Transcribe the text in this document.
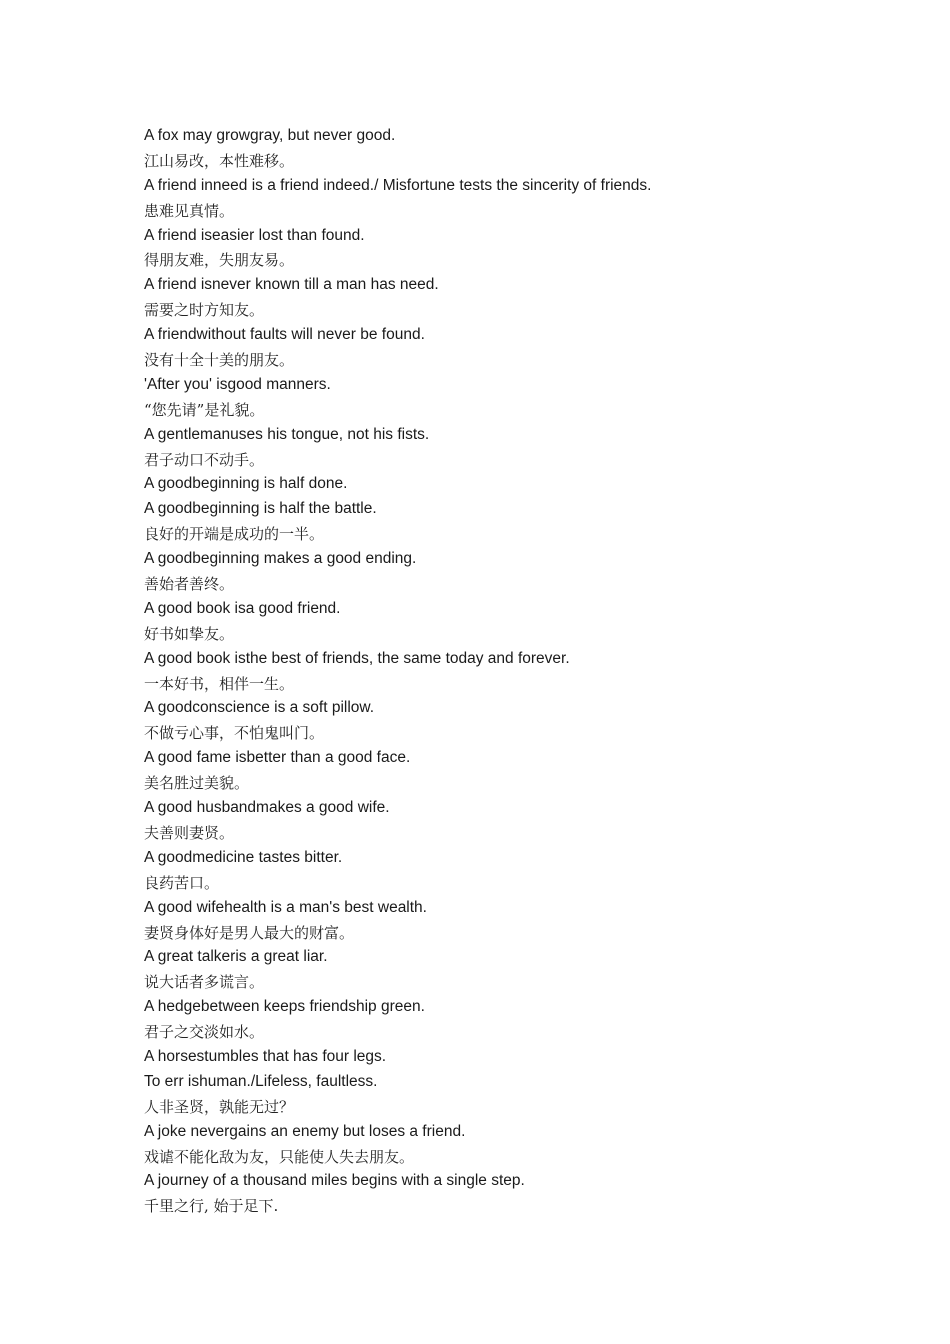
A fox may growgray, but never good.
江山易改，本性难移。
A friend inneed is a friend indeed./ Misfortune tests the sincerity of friends.
患难见真情。
A friend iseasier lost than found.
得朋友难，失朋友易。
A friend isnever known till a man has need.
需要之时方知友。
A friendwithout faults will never be found.
没有十全十美的朋友。
'After you' isgood manners.
“您先请”是礼貌。
A gentlemanuses his tongue, not his fists.
君子动口不动手。
A goodbeginning is half done.
A goodbeginning is half the battle.
良好的开端是成功的一半。
A goodbeginning makes a good ending.
善始者善终。
A good book isa good friend.
好书如挚友。
A good book isthe best of friends, the same today and forever.
一本好书，相伴一生。
A goodconscience is a soft pillow.
不做亏心事，不怕鬼叫门。
A good fame isbetter than a good face.
美名胜过美貌。
A good husbandmakes a good wife.
夫善则妻贤。
A goodmedicine tastes bitter.
良药苦口。
A good wifehealth is a man's best wealth.
妻贤身体好是男人最大的财富。
A great talkeris a great liar.
说大话者多谎言。
A hedgebetween keeps friendship green.
君子之交淡如水。
A horsestumbles that has four legs.
To err ishuman./Lifeless, faultless.
人非圣贤，孰能无过？
A joke nevergains an enemy but loses a friend.
戏谑不能化敌为友，只能使人失去朋友。
A journey of a thousand miles begins with a single step.
千里之行, 始于足下.
